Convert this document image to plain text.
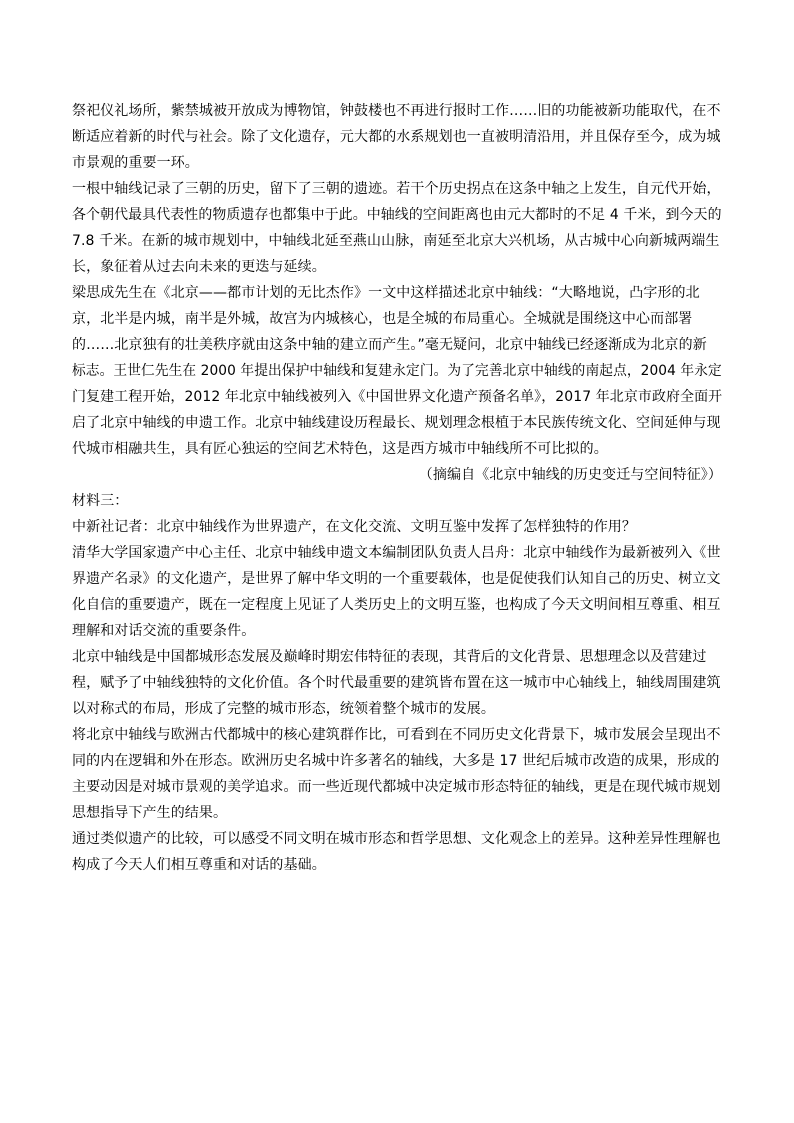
祭祀仪礼场所，紫禁城被开放成为博物馆，钟鼓楼也不再进行报时工作……旧的功能被新功能取代，在不
断适应着新的时代与社会。除了文化遗存，元大都的水系规划也一直被明清沿用，并且保存至今，成为城
市景观的重要一环。
一根中轴线记录了三朝的历史，留下了三朝的遗迹。若干个历史拐点在这条中轴之上发生，自元代开始，
各个朝代最具代表性的物质遗存也都集中于此。中轴线的空间距离也由元大都时的不足 4 千米，到今天的
7.8 千米。在新的城市规划中，中轴线北延至燕山山脉，南延至北京大兴机场，从古城中心向新城两端生
长，象征着从过去向未来的更迭与延续。
梁思成先生在《北京——都市计划的无比杰作》一文中这样描述北京中轴线：“大略地说，凸字形的北
京，北半是内城，南半是外城，故宫为内城核心，也是全城的布局重心。全城就是围绕这中心而部署
的……北京独有的壮美秩序就由这条中轴的建立而产生。”毫无疑问，北京中轴线已经逐渐成为北京的新
标志。王世仁先生在 2000 年提出保护中轴线和复建永定门。为了完善北京中轴线的南起点，2004 年永定
门复建工程开始，2012 年北京中轴线被列入《中国世界文化遗产预备名单》，2017 年北京市政府全面开
启了北京中轴线的申遗工作。北京中轴线建设历程最长、规划理念根植于本民族传统文化、空间延伸与现
代城市相融共生，具有匠心独运的空间艺术特色，这是西方城市中轴线所不可比拟的。
（摘编自《北京中轴线的历史变迁与空间特征》）
材料三：
中新社记者：北京中轴线作为世界遗产，在文化交流、文明互鉴中发挥了怎样独特的作用？
清华大学国家遗产中心主任、北京中轴线申遗文本编制团队负责人吕舟：北京中轴线作为最新被列入《世
界遗产名录》的文化遗产，是世界了解中华文明的一个重要载体，也是促使我们认知自己的历史、树立文
化自信的重要遗产，既在一定程度上见证了人类历史上的文明互鉴，也构成了今天文明间相互尊重、相互
理解和对话交流的重要条件。
北京中轴线是中国都城形态发展及巅峰时期宏伟特征的表现，其背后的文化背景、思想理念以及营建过
程，赋予了中轴线独特的文化价值。各个时代最重要的建筑皆布置在这一城市中心轴线上，轴线周围建筑
以对称式的布局，形成了完整的城市形态，统领着整个城市的发展。
将北京中轴线与欧洲古代都城中的核心建筑群作比，可看到在不同历史文化背景下，城市发展会呈现出不
同的内在逻辑和外在形态。欧洲历史名城中许多著名的轴线，大多是 17 世纪后城市改造的成果，形成的
主要动因是对城市景观的美学追求。而一些近现代都城中决定城市形态特征的轴线，更是在现代城市规划
思想指导下产生的结果。
通过类似遗产的比较，可以感受不同文明在城市形态和哲学思想、文化观念上的差异。这种差异性理解也
构成了今天人们相互尊重和对话的基础。
